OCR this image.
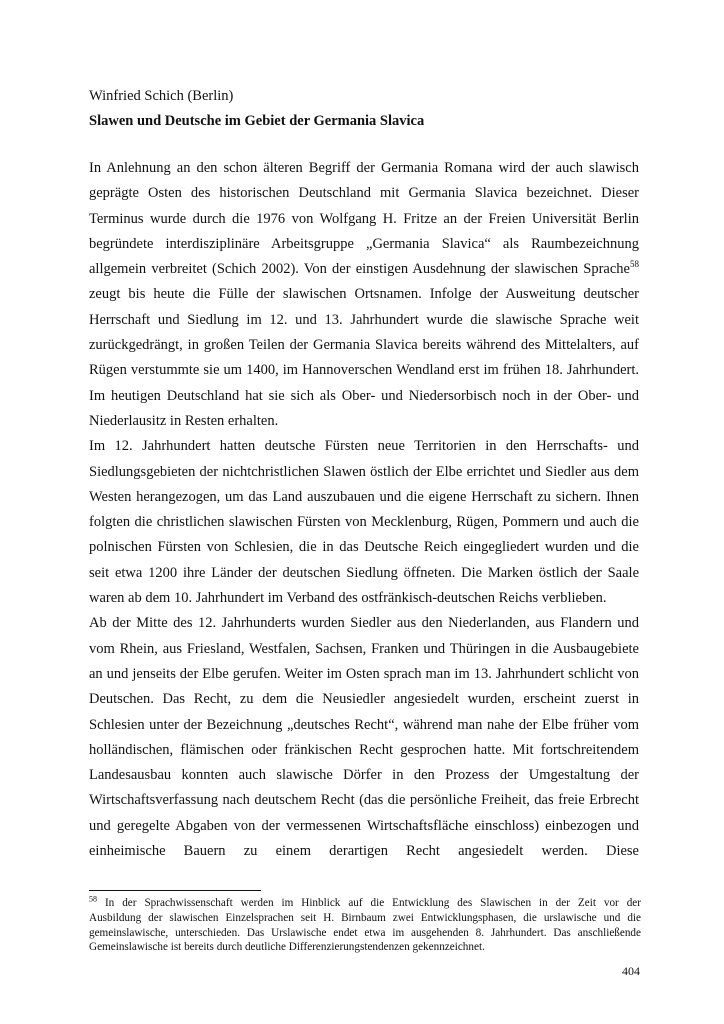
Winfried Schich (Berlin)
Slawen und Deutsche im Gebiet der Germania Slavica
In Anlehnung an den schon älteren Begriff der Germania Romana wird der auch slawisch
geprägte Osten des historischen Deutschland mit Germania Slavica bezeichnet. Dieser
Terminus wurde durch die 1976 von Wolfgang H. Fritze an der Freien Universität Berlin
begründete interdisziplinäre Arbeitsgruppe „Germania Slavica“ als Raumbezeichnung
allgemein verbreitet (Schich 2002). Von der einstigen Ausdehnung der slawischen Sprache$^{58}$
zeugt bis heute die Fülle der slawischen Ortsnamen. Infolge der Ausweitung deutscher
Herrschaft und Siedlung im 12. und 13. Jahrhundert wurde die slawische Sprache weit
zurückgedrängt, in großen Teilen der Germania Slavica bereits während des Mittelalters, auf
Rügen verstummte sie um 1400, im Hannoverschen Wendland erst im frühen 18. Jahrhundert.
Im heutigen Deutschland hat sie sich als Ober- und Niedersorbisch noch in der Ober- und
Niederlausitz in Resten erhalten.
Im 12. Jahrhundert hatten deutsche Fürsten neue Territorien in den Herrschafts- und
Siedlungsgebieten der nichtchristlichen Slawen östlich der Elbe errichtet und Siedler aus dem
Westen herangezogen, um das Land auszubauen und die eigene Herrschaft zu sichern. Ihnen
folgten die christlichen slawischen Fürsten von Mecklenburg, Rügen, Pommern und auch die
polnischen Fürsten von Schlesien, die in das Deutsche Reich eingegliedert wurden und die
seit etwa 1200 ihre Länder der deutschen Siedlung öffneten. Die Marken östlich der Saale
waren ab dem 10. Jahrhundert im Verband des ostfränkisch-deutschen Reichs verblieben.
Ab der Mitte des 12. Jahrhunderts wurden Siedler aus den Niederlanden, aus Flandern und
vom Rhein, aus Friesland, Westfalen, Sachsen, Franken und Thüringen in die Ausbaugebiete
an und jenseits der Elbe gerufen. Weiter im Osten sprach man im 13. Jahrhundert schlicht von
Deutschen. Das Recht, zu dem die Neusiedler angesiedelt wurden, erscheint zuerst in
Schlesien unter der Bezeichnung „deutsches Recht“, während man nahe der Elbe früher vom
holländischen, flämischen oder fränkischen Recht gesprochen hatte. Mit fortschreitendem
Landesausbau konnten auch slawische Dörfer in den Prozess der Umgestaltung der
Wirtschaftsverfassung nach deutschem Recht (das die persönliche Freiheit, das freie Erbrecht
und geregelte Abgaben von der vermessenen Wirtschaftsfläche einschloss) einbezogen und
einheimische Bauern zu einem derartigen Recht angesiedelt werden. Diese
$^{58}$ In der Sprachwissenschaft werden im Hinblick auf die Entwicklung des Slawischen in der Zeit vor der
Ausbildung der slawischen Einzelsprachen seit H. Birnbaum zwei Entwicklungsphasen, die urslawische und die
gemeinslawische, unterschieden. Das Urslawische endet etwa im ausgehenden 8. Jahrhundert. Das anschließende
Gemeinslawische ist bereits durch deutliche Differenzierungstendenzen gekennzeichnet.
404
